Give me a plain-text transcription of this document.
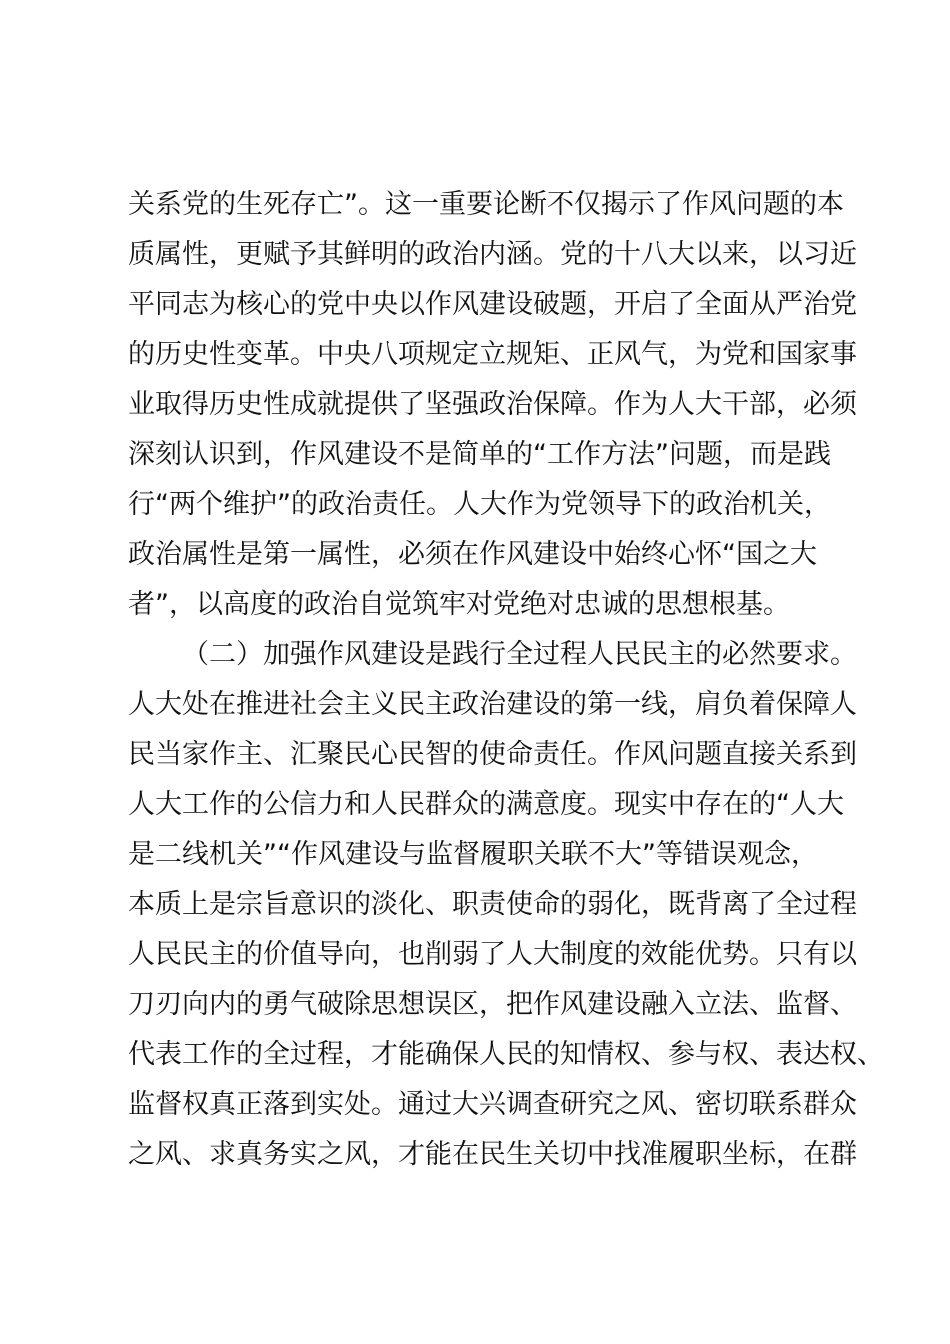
关系党的生死存亡”。这一重要论断不仅揭示了作风问题的本
质属性，更赋予其鲜明的政治内涵。党的十八大以来，以习近
平同志为核心的党中央以作风建设破题，开启了全面从严治党
的历史性变革。中央八项规定立规矩、正风气，为党和国家事
业取得历史性成就提供了坚强政治保障。作为人大干部，必须
深刻认识到，作风建设不是简单的“工作方法”问题，而是践
行“两个维护”的政治责任。人大作为党领导下的政治机关，
政治属性是第一属性，必须在作风建设中始终心怀“国之大
者”，以高度的政治自觉筑牢对党绝对忠诚的思想根基。
（二）加强作风建设是践行全过程人民民主的必然要求。
人大处在推进社会主义民主政治建设的第一线，肩负着保障人
民当家作主、汇聚民心民智的使命责任。作风问题直接关系到
人大工作的公信力和人民群众的满意度。现实中存在的“人大
是二线机关”“作风建设与监督履职关联不大”等错误观念，
本质上是宗旨意识的淡化、职责使命的弱化，既背离了全过程
人民民主的价值导向，也削弱了人大制度的效能优势。只有以
刀刃向内的勇气破除思想误区，把作风建设融入立法、监督、
代表工作的全过程，才能确保人民的知情权、参与权、表达权、
监督权真正落到实处。通过大兴调查研究之风、密切联系群众
之风、求真务实之风，才能在民生关切中找准履职坐标，在群
